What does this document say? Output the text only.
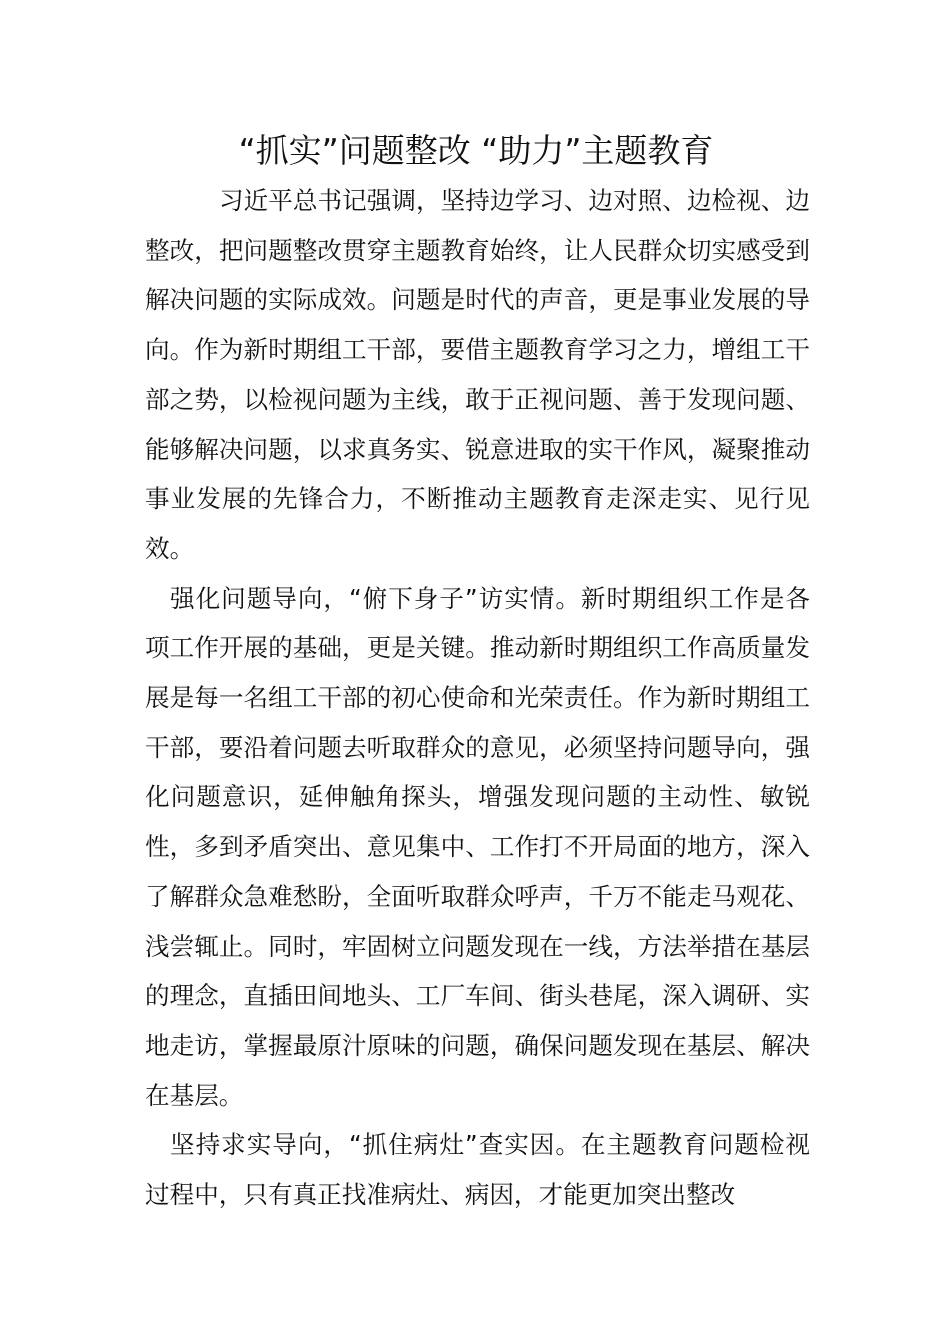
“抓实”问题整改 “助力”主题教育

习近平总书记强调，坚持边学习、边对照、边检视、边整改，把问题整改贯穿主题教育始终，让人民群众切实感受到解决问题的实际成效。问题是时代的声音，更是事业发展的导向。作为新时期组工干部，要借主题教育学习之力，增组工干部之势，以检视问题为主线，敢于正视问题、善于发现问题、能够解决问题，以求真务实、锐意进取的实干作风，凝聚推动事业发展的先锋合力，不断推动主题教育走深走实、见行见效。

强化问题导向，“俯下身子”访实情。新时期组织工作是各项工作开展的基础，更是关键。推动新时期组织工作高质量发展是每一名组工干部的初心使命和光荣责任。作为新时期组工干部，要沿着问题去听取群众的意见，必须坚持问题导向，强化问题意识，延伸触角探头，增强发现问题的主动性、敏锐性，多到矛盾突出、意见集中、工作打不开局面的地方，深入了解群众急难愁盼，全面听取群众呼声，千万不能走马观花、浅尝辄止。同时，牢固树立问题发现在一线，方法举措在基层的理念，直插田间地头、工厂车间、街头巷尾，深入调研、实地走访，掌握最原汁原味的问题，确保问题发现在基层、解决在基层。

坚持求实导向，“抓住病灶”查实因。在主题教育问题检视过程中，只有真正找准病灶、病因，才能更加突出整改
